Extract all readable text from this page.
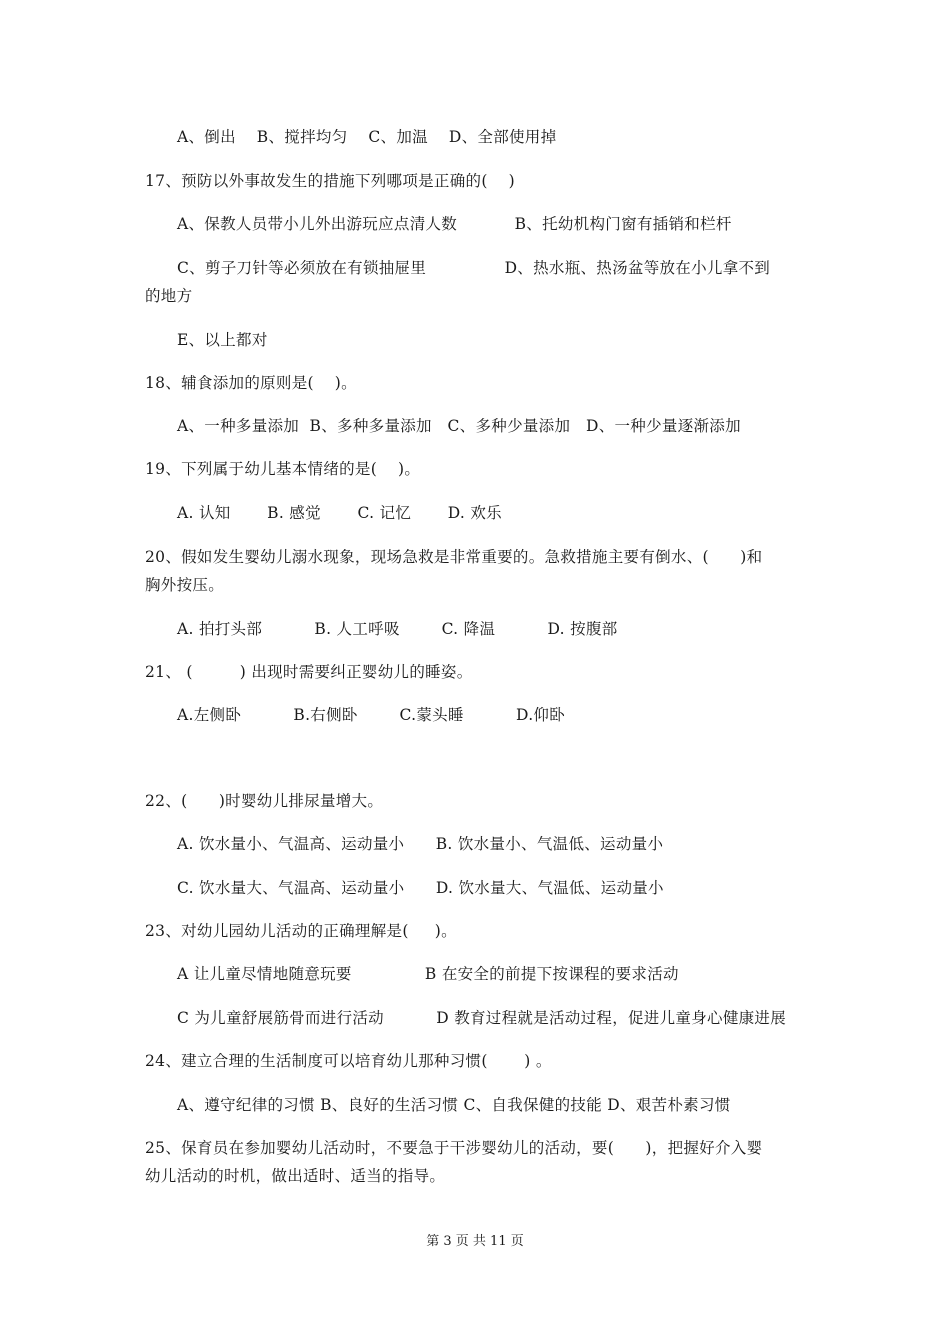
A、倒出    B、搅拌均匀    C、加温    D、全部使用掉
17、预防以外事故发生的措施下列哪项是正确的(    )
A、保教人员带小儿外出游玩应点清人数           B、托幼机构门窗有插销和栏杆
C、剪子刀针等必须放在有锁抽屉里               D、热水瓶、热汤盆等放在小儿拿不到
的地方
E、以上都对
18、辅食添加的原则是(    )。
A、一种多量添加  B、多种多量添加   C、多种少量添加   D、一种少量逐渐添加
19、下列属于幼儿基本情绪的是(    )。
A. 认知       B. 感觉       C. 记忆       D. 欢乐
20、假如发生婴幼儿溺水现象，现场急救是非常重要的。急救措施主要有倒水、(      )和
胸外按压。
A. 拍打头部          B. 人工呼吸        C. 降温          D. 按腹部
21、 (         ) 出现时需要纠正婴幼儿的睡姿。
A.左侧卧          B.右侧卧        C.蒙头睡          D.仰卧
22、(      )时婴幼儿排尿量增大。
A. 饮水量小、气温高、运动量小      B. 饮水量小、气温低、运动量小
C. 饮水量大、气温高、运动量小      D. 饮水量大、气温低、运动量小
23、对幼儿园幼儿活动的正确理解是(     )。
A 让儿童尽情地随意玩要              B 在安全的前提下按课程的要求活动
C 为儿童舒展筋骨而进行活动          D 教育过程就是活动过程，促进儿童身心健康进展
24、建立合理的生活制度可以培育幼儿那种习惯(       ) 。
A、遵守纪律的习惯 B、良好的生活习惯 C、自我保健的技能 D、艰苦朴素习惯
25、保育员在参加婴幼儿活动时，不要急于干涉婴幼儿的活动，要(      )，把握好介入婴
幼儿活动的时机，做出适时、适当的指导。
第 3 页 共 11 页
